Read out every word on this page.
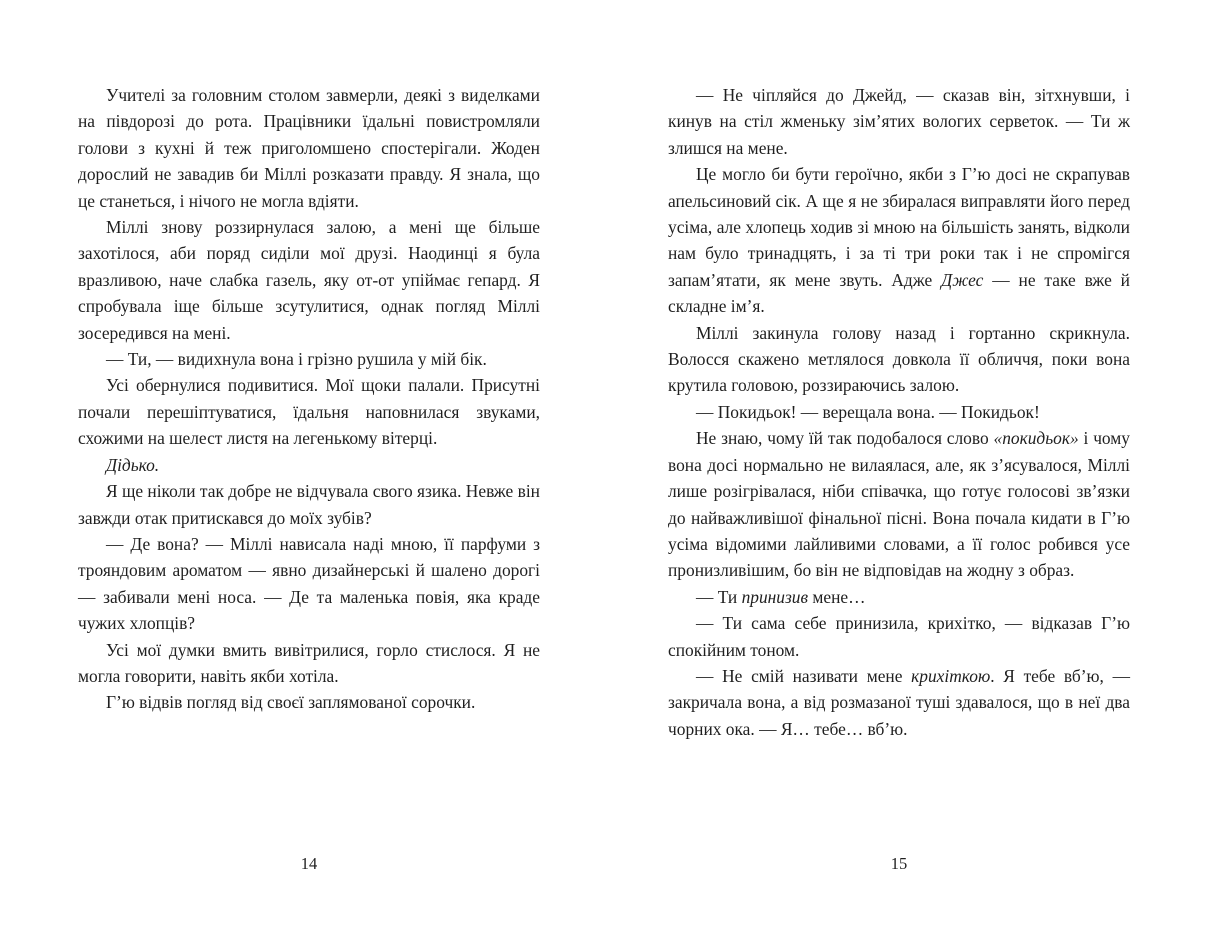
Учителі за головним столом завмерли, деякі з виделками на півдорозі до рота. Працівники їдальні повистромляли голови з кухні й теж приголомшено спостерігали. Жоден дорослий не завадив би Міллі розказати правду. Я знала, що це станеться, і нічого не могла вдіяти.

Міллі знову роззирнулася залою, а мені ще більше захотілося, аби поряд сиділи мої друзі. Наодинці я була вразливою, наче слабка газель, яку от-от упіймає гепард. Я спробувала іще більше зсутулитися, однак погляд Міллі зосередився на мені.

— Ти, — видихнула вона і грізно рушила у мій бік.

Усі обернулися подивитися. Мої щоки палали. Присутні почали перешіптуватися, їдальня наповнилася звуками, схожими на шелест листя на легенькому вітерці.

Дідько.

Я ще ніколи так добре не відчувала свого язика. Невже він завжди отак притискався до моїх зубів?

— Де вона? — Міллі нависала наді мною, її парфуми з трояндовим ароматом — явно дизайнерські й шалено дорогі — забивали мені носа. — Де та маленька повія, яка краде чужих хлопців?

Усі мої думки вмить вивітрилися, горло стислося. Я не могла говорити, навіть якби хотіла.

Г’ю відвів погляд від своєї заплямованої сорочки.

14

— Не чіпляйся до Джейд, — сказав він, зітхнувши, і кинув на стіл жменьку зім’ятих вологих серветок. — Ти ж злишся на мене.

Це могло би бути героїчно, якби з Г’ю досі не скрапував апельсиновий сік. А ще я не збиралася виправляти його перед усіма, але хлопець ходив зі мною на більшість занять, відколи нам було тринадцять, і за ті три роки так і не спромігся запам’ятати, як мене звуть. Адже Джес — не таке вже й складне ім’я.

Міллі закинула голову назад і гортанно скрикнула. Волосся скажено метлялося довкола її обличчя, поки вона крутила головою, роззираючись залою.

— Покидьок! — верещала вона. — Покидьок!

Не знаю, чому їй так подобалося слово «покидьок» і чому вона досі нормально не вилаялася, але, як з’ясувалося, Міллі лише розігрівалася, ніби співачка, що готує голосові зв’язки до найважливішої фінальної пісні. Вона почала кидати в Г’ю усіма відомими лайливими словами, а її голос робився усе пронизливішим, бо він не відповідав на жодну з образ.

— Ти принизив мене…

— Ти сама себе принизила, крихітко, — відказав Г’ю спокійним тоном.

— Не смій називати мене крихіткою. Я тебе вб’ю, — закричала вона, а від розмазаної туші здавалося, що в неї два чорних ока. — Я… тебе… вб’ю.

15
